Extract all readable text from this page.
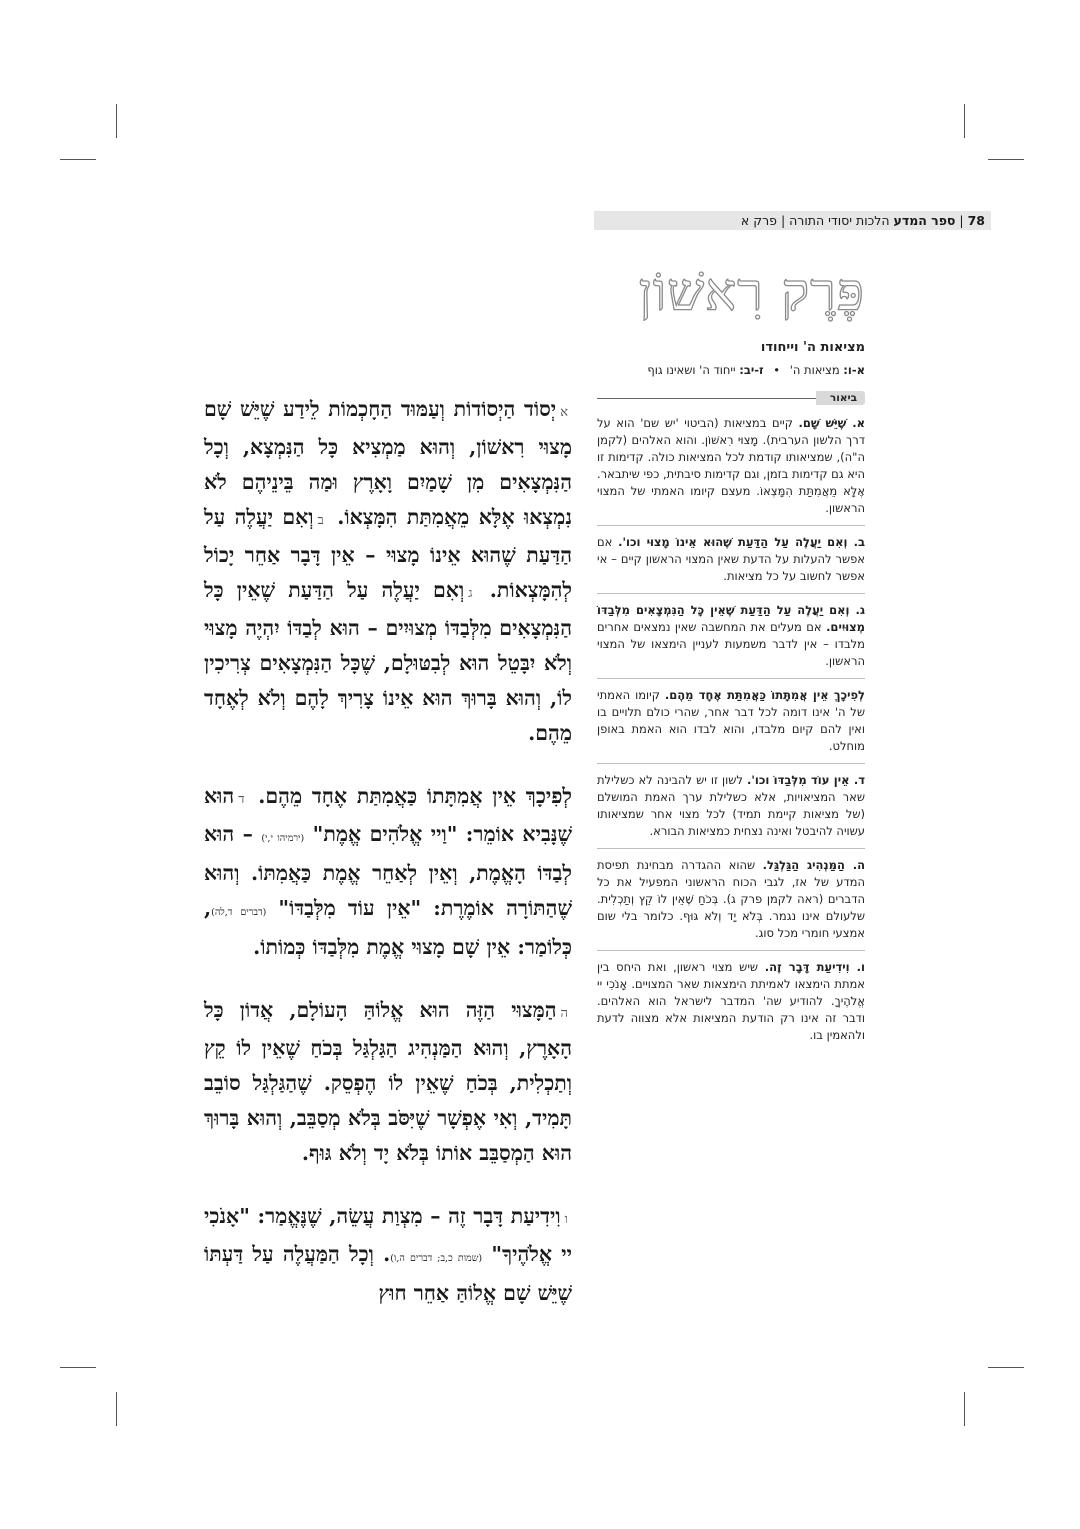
78 | ספר המדע הלכות יסודי התורה | פרק א
פֶּרֶק רִאשׁוֹן
מציאות ה' וייחודו
א-ו: מציאות ה' • ז-יב: ייחוד ה' ושאינו גוף
ביאור
א. שֶׁיֵּשׁ שָׁם. קיים במציאות (הביטוי 'יש שם' הוא על דרך הלשון הערבית). מָצוּי רִאשׁוֹן. והוא האלהים (לקמן ה"ה), שמציאותו קודמת לכל המציאות כולה. קדימות זו היא גם קדימות בזמן, וגם קדימות סיבתית, כפי שיתבאר. אֶלָּא מֵאֲמִתַּת הִמָּצְאוֹ. מעצם קיומו האמתי של המצוי הראשון.
ב. וְאִם יַעֲלֶה עַל הַדַּעַת שֶׁהוּא אֵינוֹ מָצוּי וכו'. אם אפשר להעלות על הדעת שאין המצוי הראשון קיים – אי אפשר לחשוב על כל מציאות.
ג. וְאִם יַעֲלֶה עַל הַדַּעַת שֶׁאֵין כָּל הַנִּמְצָאִים מִלְּבַדּוֹ מְצוּיִים. אם מעלים את המחשבה שאין נמצאים אחרים מלבדו – אין לדבר משמעות לעניין הימצאו של המצוי הראשון.
לְפִיכָךְ אֵין אֲמִתָּתוֹ כַּאֲמִתַּת אֶחָד מֵהֶם. קיומו האמתי של ה' אינו דומה לכל דבר אחר, שהרי כולם תלויים בו ואין להם קיום מלבדו, והוא לבדו הוא האמת באופן מוחלט.
ד. אֵין עוֹד מִלְּבַדּוֹ וכו'. לשון זו יש להבינה לא כשלילת שאר המציאויות, אלא כשלילת ערך האמת המושלם (של מציאות קיימת תמיד) לכל מצוי אחר שמציאותו עשויה להיבטל ואינה נצחית כמציאות הבורא.
ה. הַמַּנְהִיג הַגַּלְגַּל. שהוא ההגדרה מבחינת תפיסת המדע של אז, לגבי הכוח הראשוני המפעיל את כל הדברים (ראה לקמן פרק ג). בְּכֹחַ שֶׁאֵין לוֹ קֵץ וְתַכְלִית. שלעולם אינו נגמר. בְּלֹא יָד וְלֹא גּוּף. כלומר בלי שום אמצעי חומרי מכל סוג.
ו. וִידִיעַת דָּבָר זֶה. שיש מצוי ראשון, ואת היחס בין אמתת הימצאו לאמיתת הימצאות שאר המצויים. אָנֹכִי יי אֱלֹהֶיךָ. להודיע שה' המדבר לישראל הוא האלהים. ודבר זה אינו רק הודעת המציאות אלא מצווה לדעת ולהאמין בו.
איְסוֹד הַיְסוֹדוֹת וְעַמּוּד הַחָכְמוֹת לֵידַע שֶׁיֵּשׁ שָׁם מָצוּי רִאשׁוֹן, וְהוּא מַמְצִיא כָּל הַנִּמְצָא, וְכָל הַנִּמְצָאִים מִן שָׁמַיִם וָאָרֶץ וּמַה בֵּינֵיהֶם לֹא נִמְצְאוּ אֶלָּא מֵאֲמִתַּת הִמָּצְאוֹ. בוְאִם יַעֲלֶה עַל הַדַּעַת שֶׁהוּא אֵינוֹ מָצוּי – אֵין דָּבָר אַחֵר יָכוֹל לְהִמָּצְאוֹת. גוְאִם יַעֲלֶה עַל הַדַּעַת שֶׁאֵין כָּל הַנִּמְצָאִים מִלְּבַדּוֹ מְצוּיִים – הוּא לְבַדּוֹ יִהְיֶה מָצוּי וְלֹא יִבָּטֵל הוּא לְבִטּוּלָם, שֶׁכָּל הַנִּמְצָאִים צְרִיכִין לוֹ, וְהוּא בָּרוּךְ הוּא אֵינוֹ צָרִיךְ לָהֶם וְלֹא לְאֶחָד מֵהֶם.
לְפִיכָךְ אֵין אֲמִתָּתוֹ כַּאֲמִתַּת אֶחָד מֵהֶם. דהוּא שֶׁנָּבִיא אוֹמֵר: "וַיי אֱלֹהִים אֱמֶת" (ירמיהו י,י) – הוּא לְבַדּוֹ הָאֱמֶת, וְאֵין לְאַחֵר אֱמֶת כַּאֲמִתּוֹ. וְהוּא שֶׁהַתּוֹרָה אוֹמֶרֶת: "אֵין עוֹד מִלְּבַדּוֹ" (דברים ד,לה), כְּלוֹמַר: אֵין שָׁם מָצוּי אֱמֶת מִלְּבַדּוֹ כְּמוֹתוֹ.
ההַמָּצוּי הַזֶּה הוּא אֱלוֹהַּ הָעוֹלָם, אֲדוֹן כָּל הָאָרֶץ, וְהוּא הַמַּנְהִיג הַגַּלְגַּל בְּכֹחַ שֶׁאֵין לוֹ קֵץ וְתַכְלִית, בְּכֹחַ שֶׁאֵין לוֹ הֶפְסֵק. שֶׁהַגַּלְגַּל סוֹבֵב תָּמִיד, וְאִי אֶפְשָׁר שֶׁיִּסֹּב בְּלֹא מְסַבֵּב, וְהוּא בָּרוּךְ הוּא הַמְסַבֵּב אוֹתוֹ בְּלֹא יָד וְלֹא גּוּף.
ווִידִיעַת דָּבָר זֶה – מִצְוַת עֲשֵׂה, שֶׁנֶּאֱמַר: "אָנֹכִי יי אֱלֹהֶיךָ" (שמות כ,ב; דברים ה,ו). וְכָל הַמַּעֲלֶה עַל דַּעְתּוֹ שֶׁיֵּשׁ שָׁם אֱלוֹהַּ אַחֵר חוּץ
